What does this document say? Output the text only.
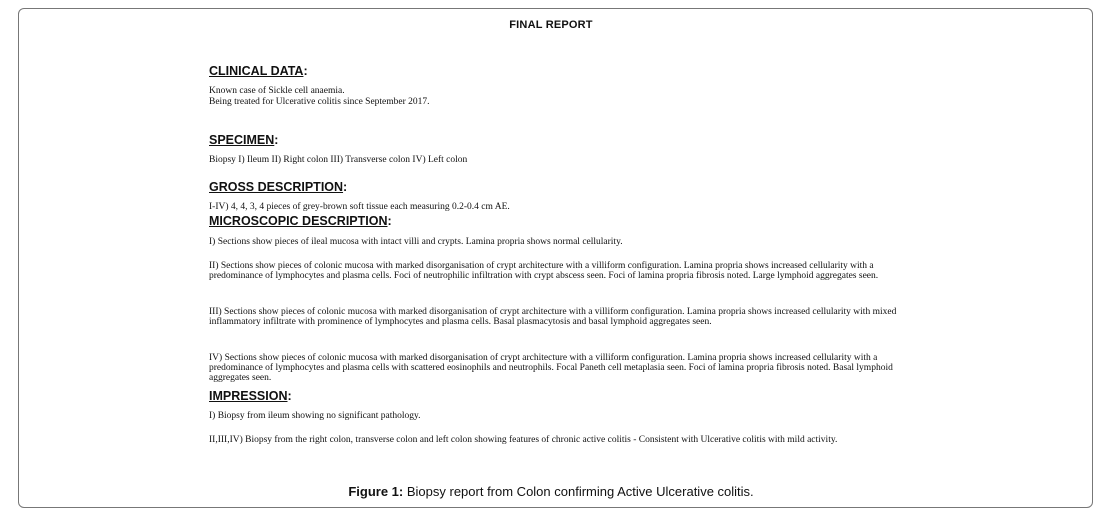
FINAL REPORT
CLINICAL DATA:
Known case of Sickle cell anaemia.
Being treated for Ulcerative colitis since September 2017.
SPECIMEN:
Biopsy I) Ileum II) Right colon III) Transverse colon IV) Left colon
GROSS DESCRIPTION:
I-IV) 4, 4, 3, 4 pieces of grey-brown soft tissue each measuring 0.2-0.4 cm AE.
MICROSCOPIC DESCRIPTION:
I) Sections show pieces of ileal mucosa with intact villi and crypts. Lamina propria shows normal cellularity.
II) Sections show pieces of colonic mucosa with marked disorganisation of crypt architecture with a villiform configuration. Lamina propria shows increased cellularity with a predominance of lymphocytes and plasma cells. Foci of neutrophilic infiltration with crypt abscess seen. Foci of lamina propria fibrosis noted. Large lymphoid aggregates seen.
III) Sections show pieces of colonic mucosa with marked disorganisation of crypt architecture with a villiform configuration. Lamina propria shows increased cellularity with mixed inflammatory infiltrate with prominence of lymphocytes and plasma cells. Basal plasmacytosis and basal lymphoid aggregates seen.
IV) Sections show pieces of colonic mucosa with marked disorganisation of crypt architecture with a villiform configuration. Lamina propria shows increased cellularity with a predominance of lymphocytes and plasma cells with scattered eosinophils and neutrophils. Focal Paneth cell metaplasia seen. Foci of lamina propria fibrosis noted. Basal lymphoid aggregates seen.
IMPRESSION:
I) Biopsy from ileum showing no significant pathology.
II,III,IV) Biopsy from the right colon, transverse colon and left colon showing features of chronic active colitis - Consistent with Ulcerative colitis with mild activity.
Figure 1: Biopsy report from Colon confirming Active Ulcerative colitis.
